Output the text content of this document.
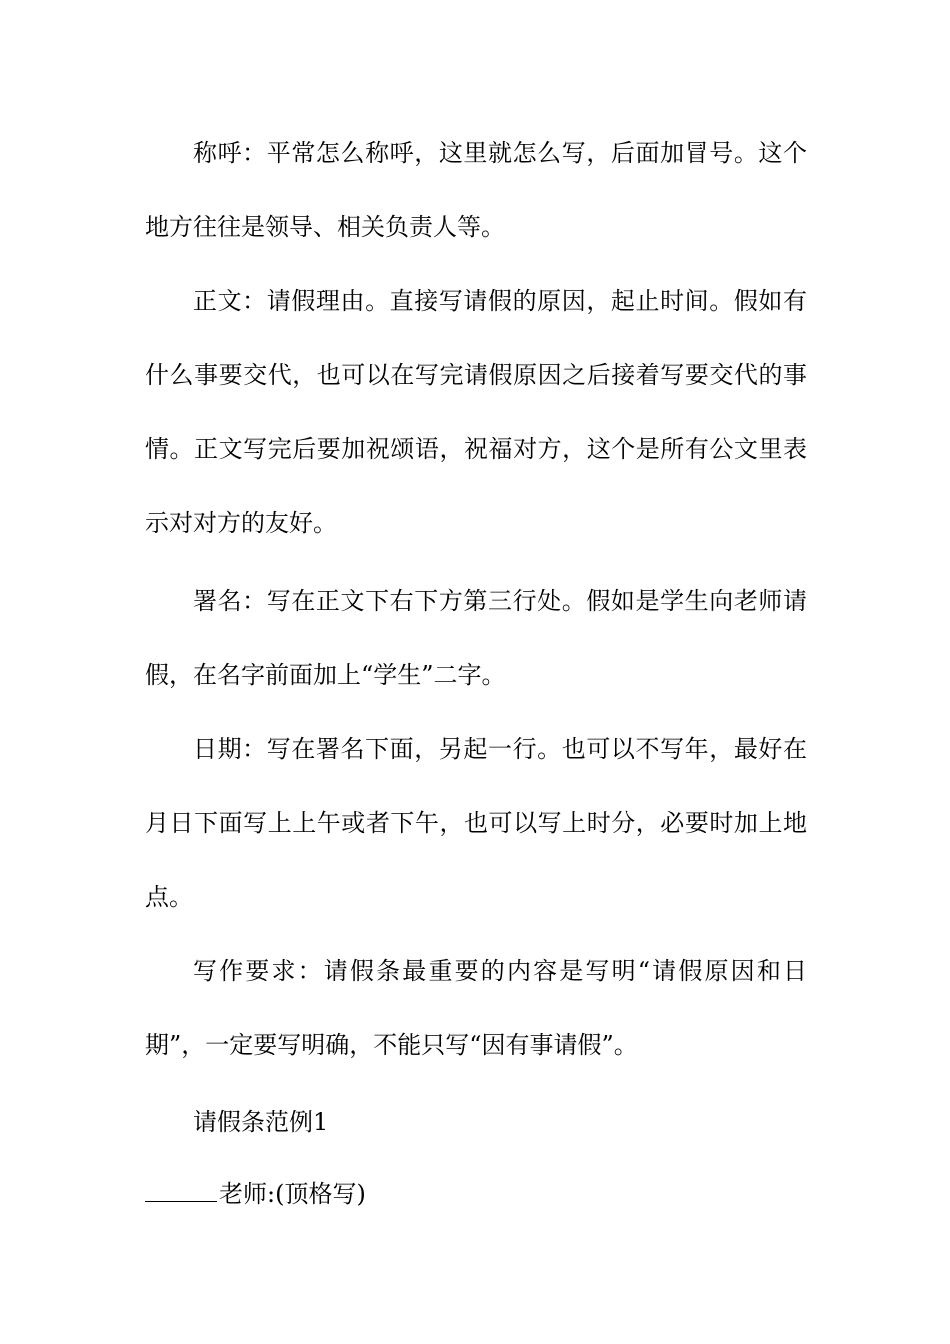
称呼：平常怎么称呼，这里就怎么写，后面加冒号。这个地方往往是领导、相关负责人等。

正文：请假理由。直接写请假的原因，起止时间。假如有什么事要交代，也可以在写完请假原因之后接着写要交代的事情。正文写完后要加祝颂语，祝福对方，这个是所有公文里表示对对方的友好。

署名：写在正文下右下方第三行处。假如是学生向老师请假，在名字前面加上“学生”二字。

日期：写在署名下面，另起一行。也可以不写年，最好在月日下面写上上午或者下午，也可以写上时分，必要时加上地点。

写作要求：请假条最重要的内容是写明“请假原因和日期”，一定要写明确，不能只写“因有事请假”。

请假条范例1

老师:(顶格写)
